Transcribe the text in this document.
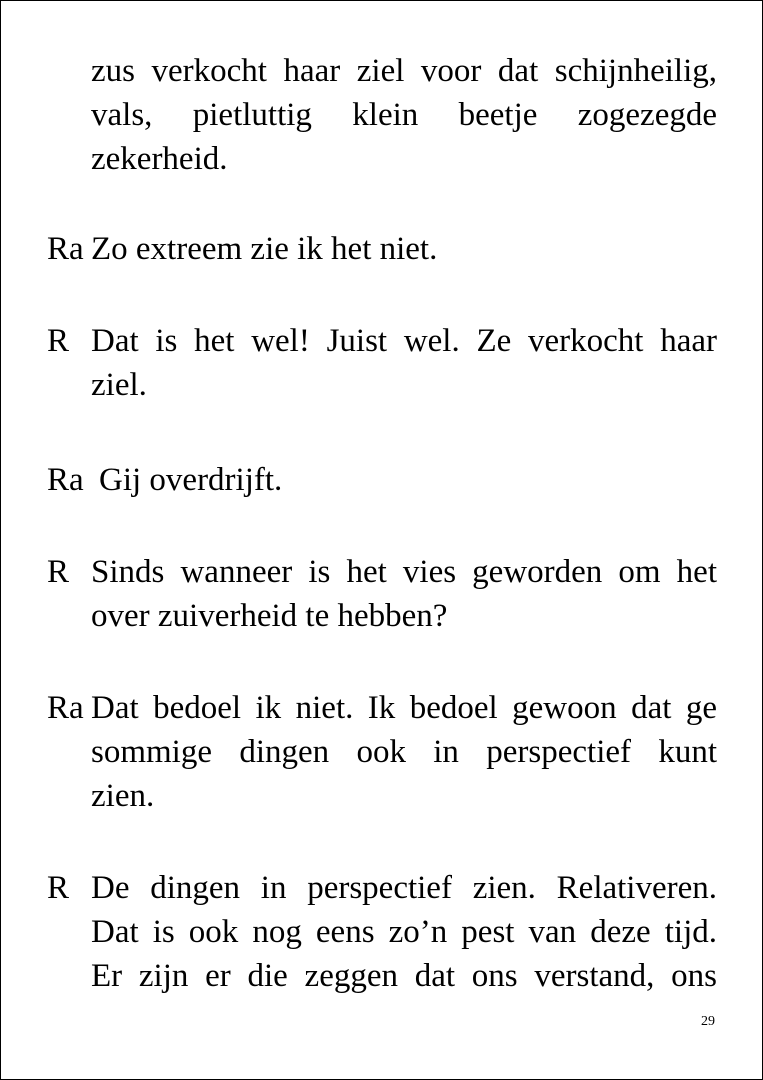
zus verkocht haar ziel voor dat schijnheilig,
vals, pietluttig klein beetje zogezegde
zekerheid.
Ra Zo extreem zie ik het niet.
R Dat is het wel! Juist wel. Ze verkocht haar
ziel.
Ra Gij overdrijft.
R Sinds wanneer is het vies geworden om het
over zuiverheid te hebben?
Ra Dat bedoel ik niet. Ik bedoel gewoon dat ge
sommige dingen ook in perspectief kunt
zien.
R De dingen in perspectief zien. Relativeren.
Dat is ook nog eens zo’n pest van deze tijd.
Er zijn er die zeggen dat ons verstand, ons
29
